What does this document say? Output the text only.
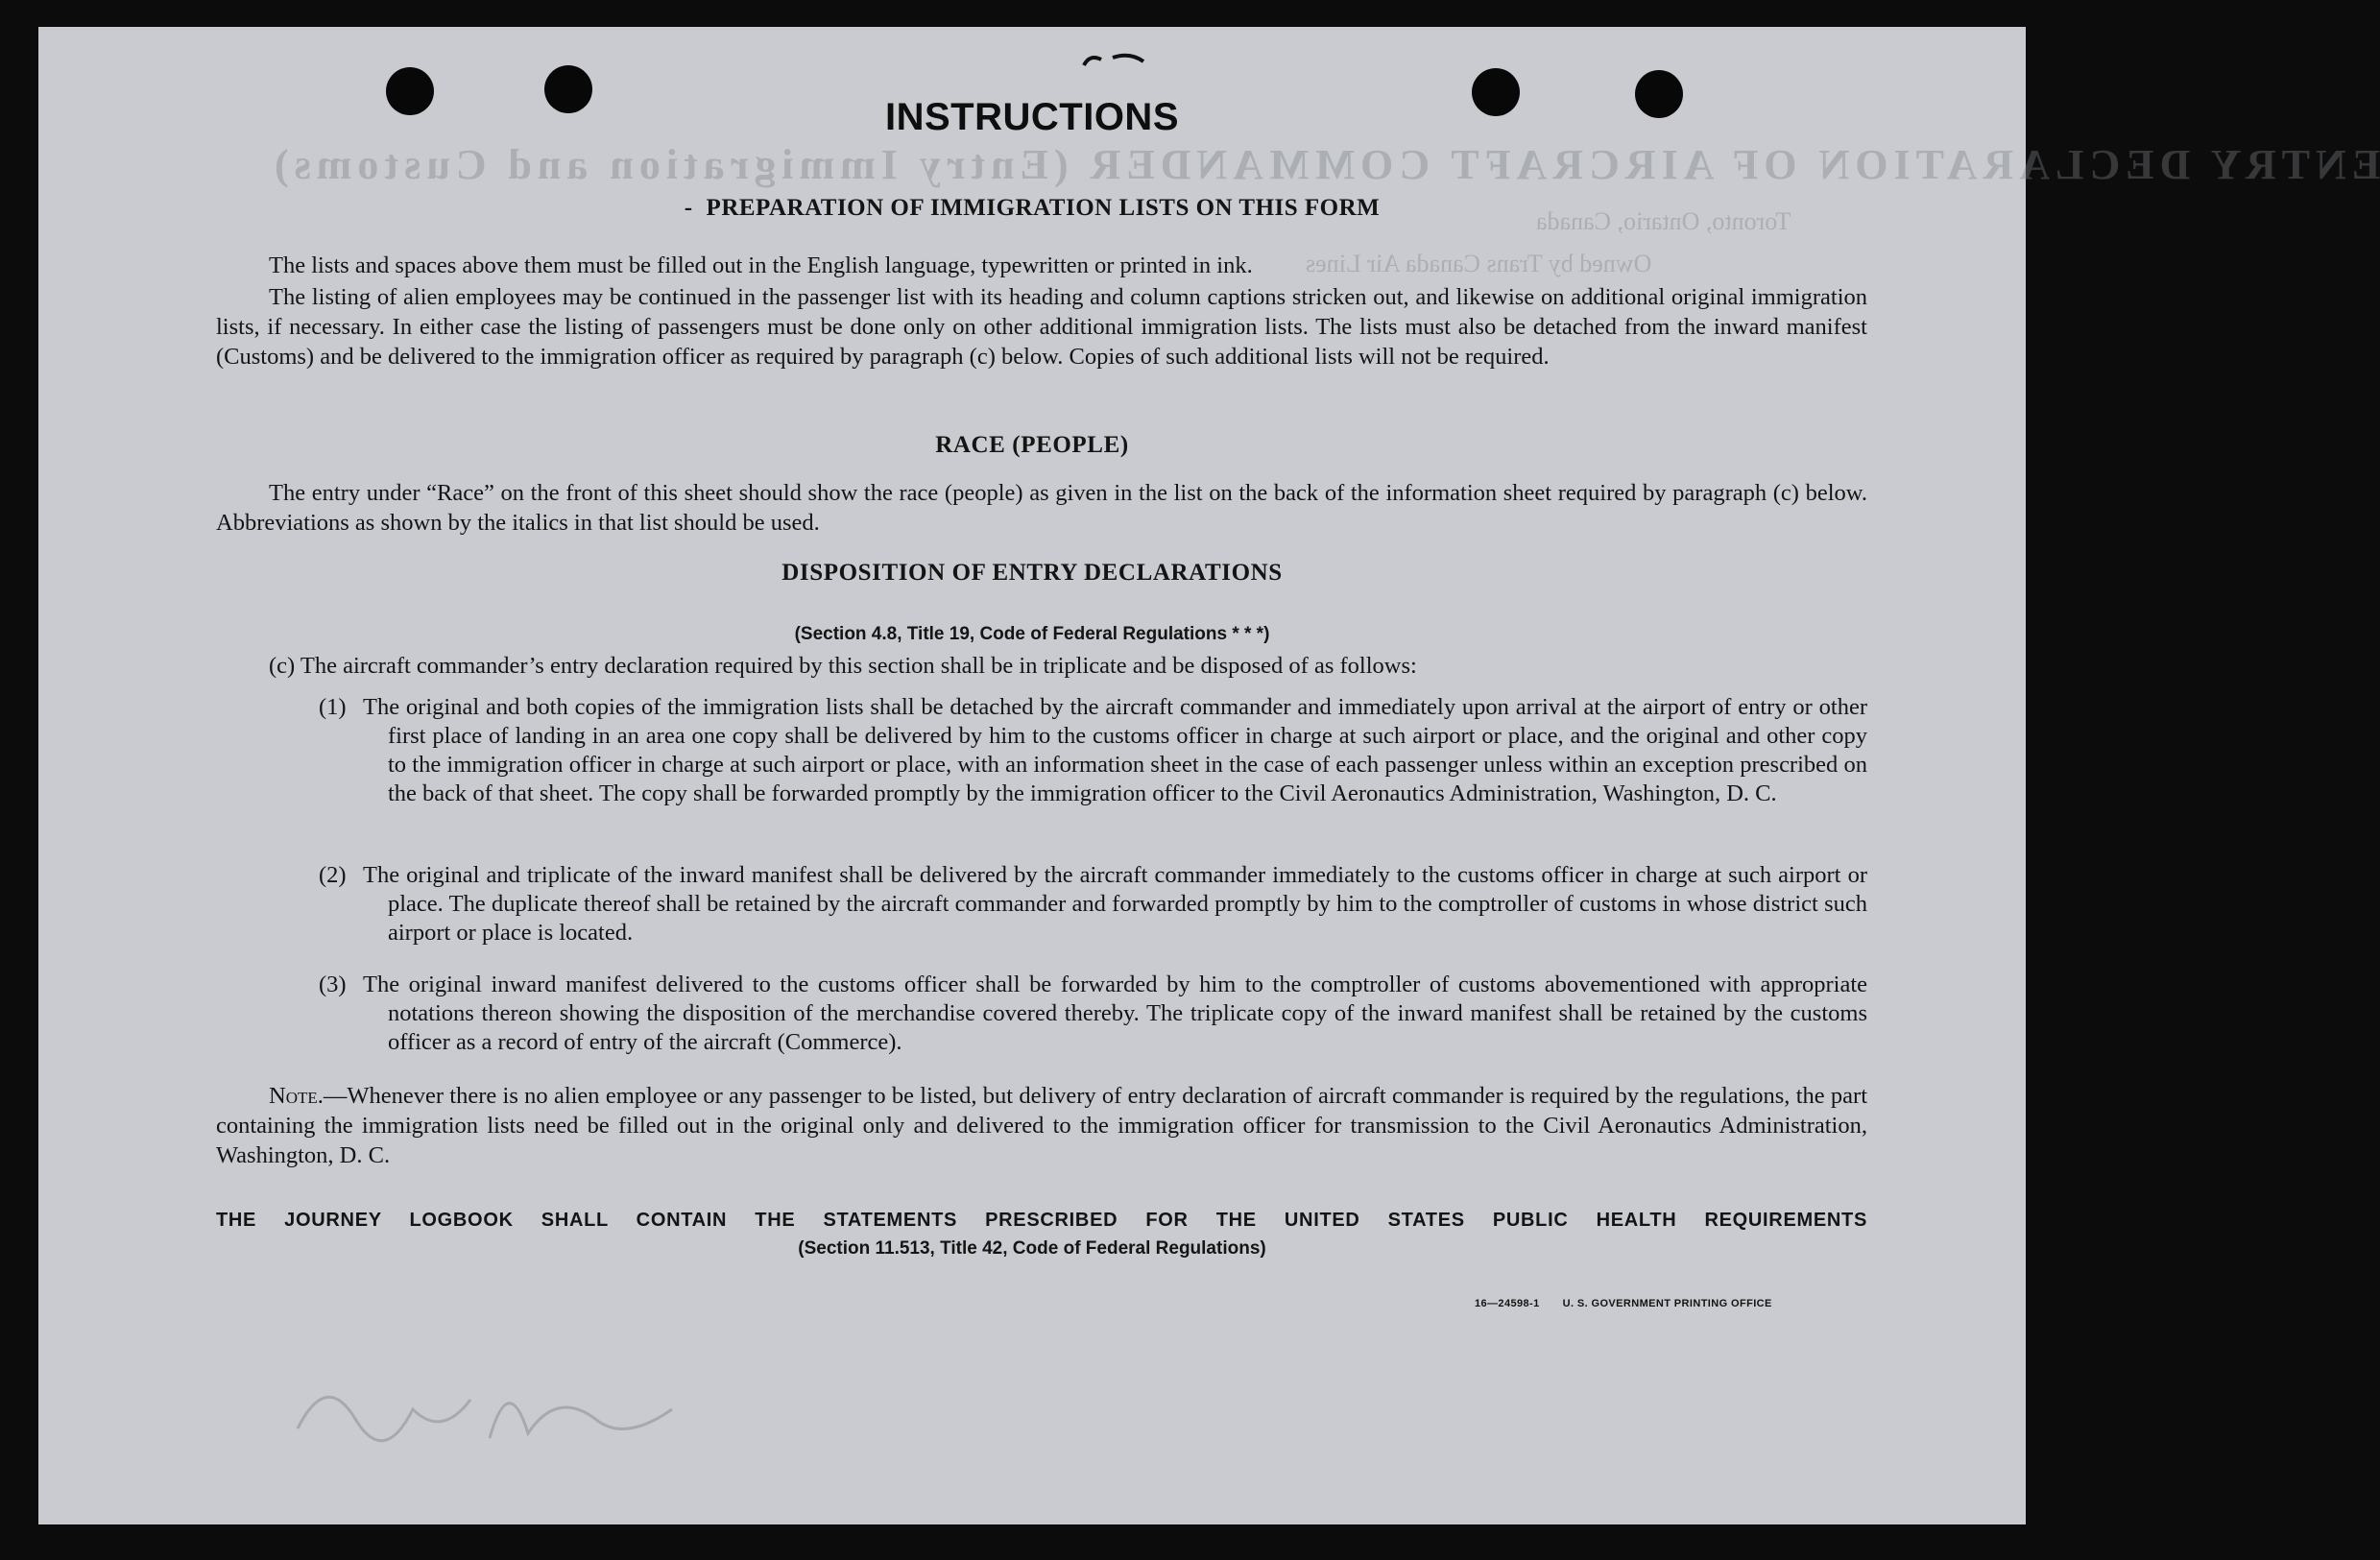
ENTRY DECLARATION OF AIRCRAFT COMMANDER (Entry Immigration and Customs)
Toronto, Ontario, Canada
Owned by Trans Canada Air Lines
INSTRUCTIONS
- PREPARATION OF IMMIGRATION LISTS ON THIS FORM

The lists and spaces above them must be filled out in the English language, typewritten or printed in ink.

The listing of alien employees may be continued in the passenger list with its heading and column captions stricken out, and likewise on additional original immigration lists, if necessary. In either case the listing of passengers must be done only on other additional immigration lists. The lists must also be detached from the inward manifest (Customs) and be delivered to the immigration officer as required by paragraph (c) below. Copies of such additional lists will not be required.

RACE (PEOPLE)

The entry under “Race” on the front of this sheet should show the race (people) as given in the list on the back of the information sheet required by paragraph (c) below. Abbreviations as shown by the italics in that list should be used.

DISPOSITION OF ENTRY DECLARATIONS
(Section 4.8, Title 19, Code of Federal Regulations * * *)

(c) The aircraft commander’s entry declaration required by this section shall be in triplicate and be disposed of as follows:

(1) The original and both copies of the immigration lists shall be detached by the aircraft commander and immediately upon arrival at the airport of entry or other first place of landing in an area one copy shall be delivered by him to the customs officer in charge at such airport or place, and the original and other copy to the immigration officer in charge at such airport or place, with an information sheet in the case of each passenger unless within an exception prescribed on the back of that sheet. The copy shall be forwarded promptly by the immigration officer to the Civil Aeronautics Administration, Washington, D. C.
(2) The original and triplicate of the inward manifest shall be delivered by the aircraft commander immediately to the customs officer in charge at such airport or place. The duplicate thereof shall be retained by the aircraft commander and forwarded promptly by him to the comptroller of customs in whose district such airport or place is located.
(3) The original inward manifest delivered to the customs officer shall be forwarded by him to the comptroller of customs abovementioned with appropriate notations thereon showing the disposition of the merchandise covered thereby. The triplicate copy of the inward manifest shall be retained by the customs officer as a record of entry of the aircraft (Commerce).

Note.—Whenever there is no alien employee or any passenger to be listed, but delivery of entry declaration of aircraft commander is required by the regulations, the part containing the immigration lists need be filled out in the original only and delivered to the immigration officer for transmission to the Civil Aeronautics Administration, Washington, D. C.

THE JOURNEY LOGBOOK SHALL CONTAIN THE STATEMENTS PRESCRIBED FOR THE UNITED STATES PUBLIC HEALTH REQUIREMENTS
(Section 11.513, Title 42, Code of Federal Regulations)
16—24598-1 U. S. GOVERNMENT PRINTING OFFICE
